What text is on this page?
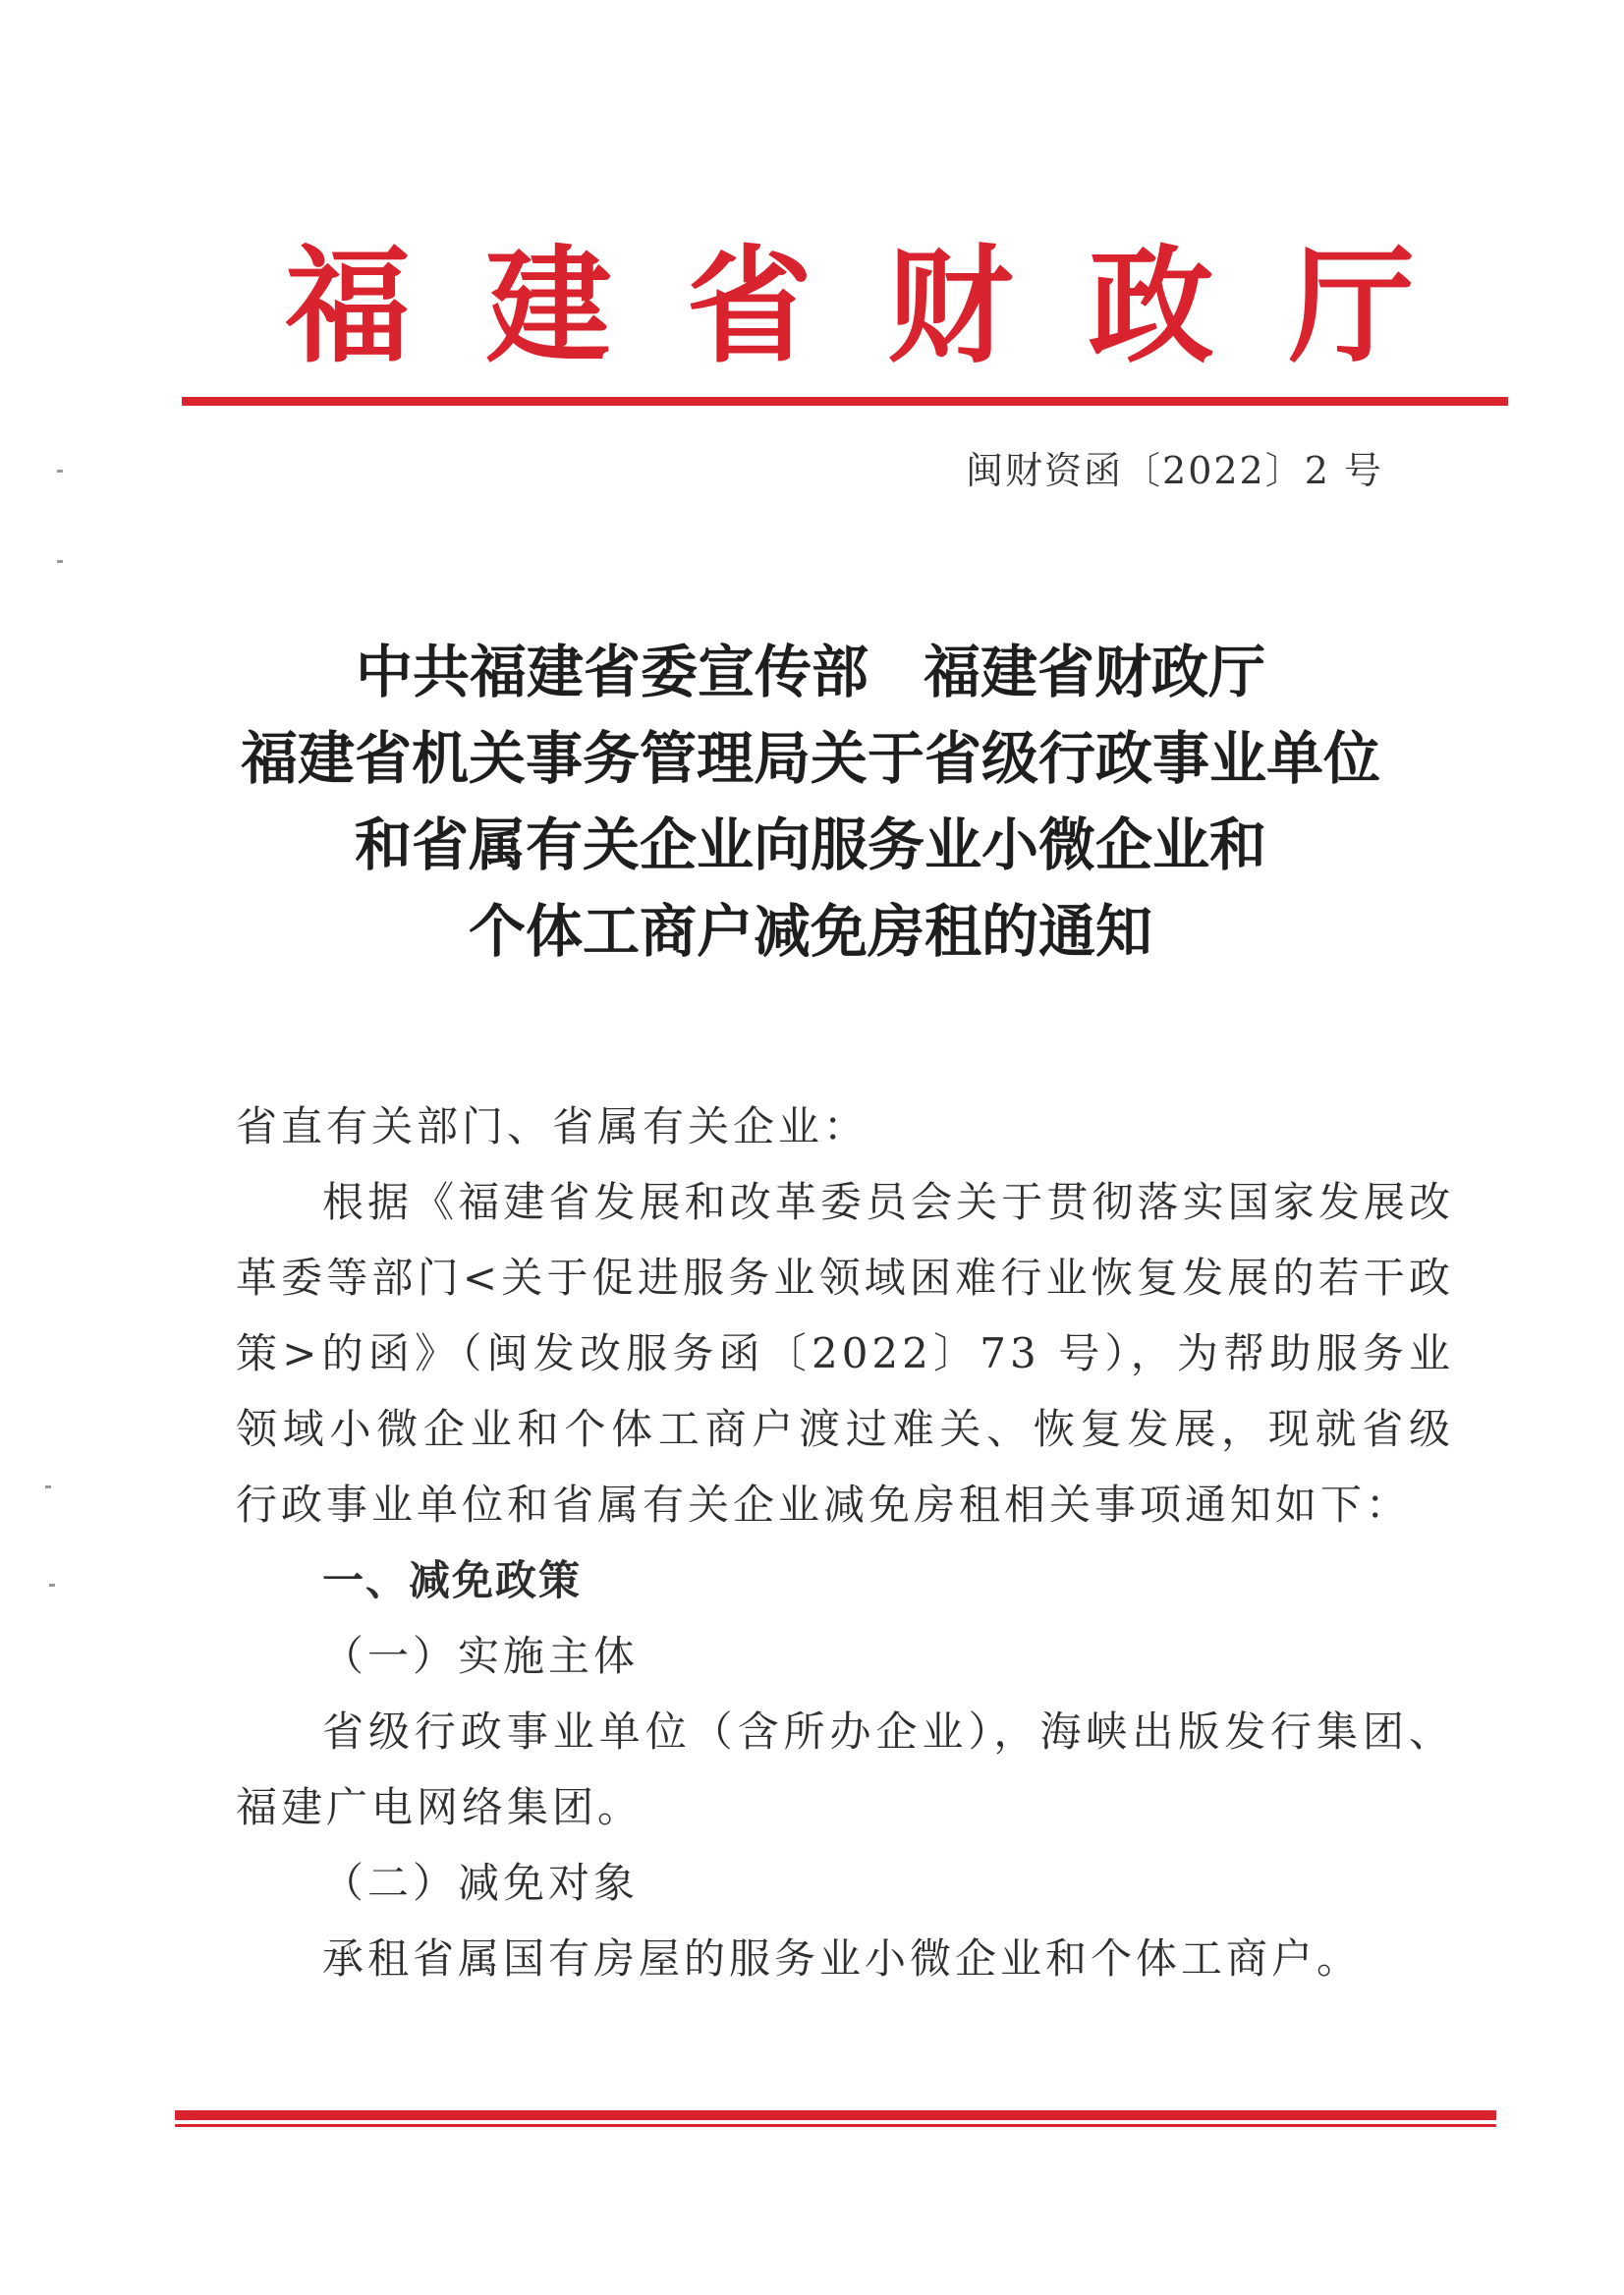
福 建 省 财 政 厅
闽财资函〔2022〕2 号
中共福建省委宣传部 福建省财政厅
福建省机关事务管理局关于省级行政事业单位
和省属有关企业向服务业小微企业和
个体工商户减免房租的通知

省直有关部门、省属有关企业：

根据《福建省发展和改革委员会关于贯彻落实国家发展改革委等部门<关于促进服务业领域困难行业恢复发展的若干政策>的函》（闽发改服务函〔2022〕73 号），为帮助服务业领域小微企业和个体工商户渡过难关、恢复发展，现就省级行政事业单位和省属有关企业减免房租相关事项通知如下：

一、减免政策

（一）实施主体

省级行政事业单位（含所办企业），海峡出版发行集团、福建广电网络集团。

（二）减免对象

承租省属国有房屋的服务业小微企业和个体工商户。
